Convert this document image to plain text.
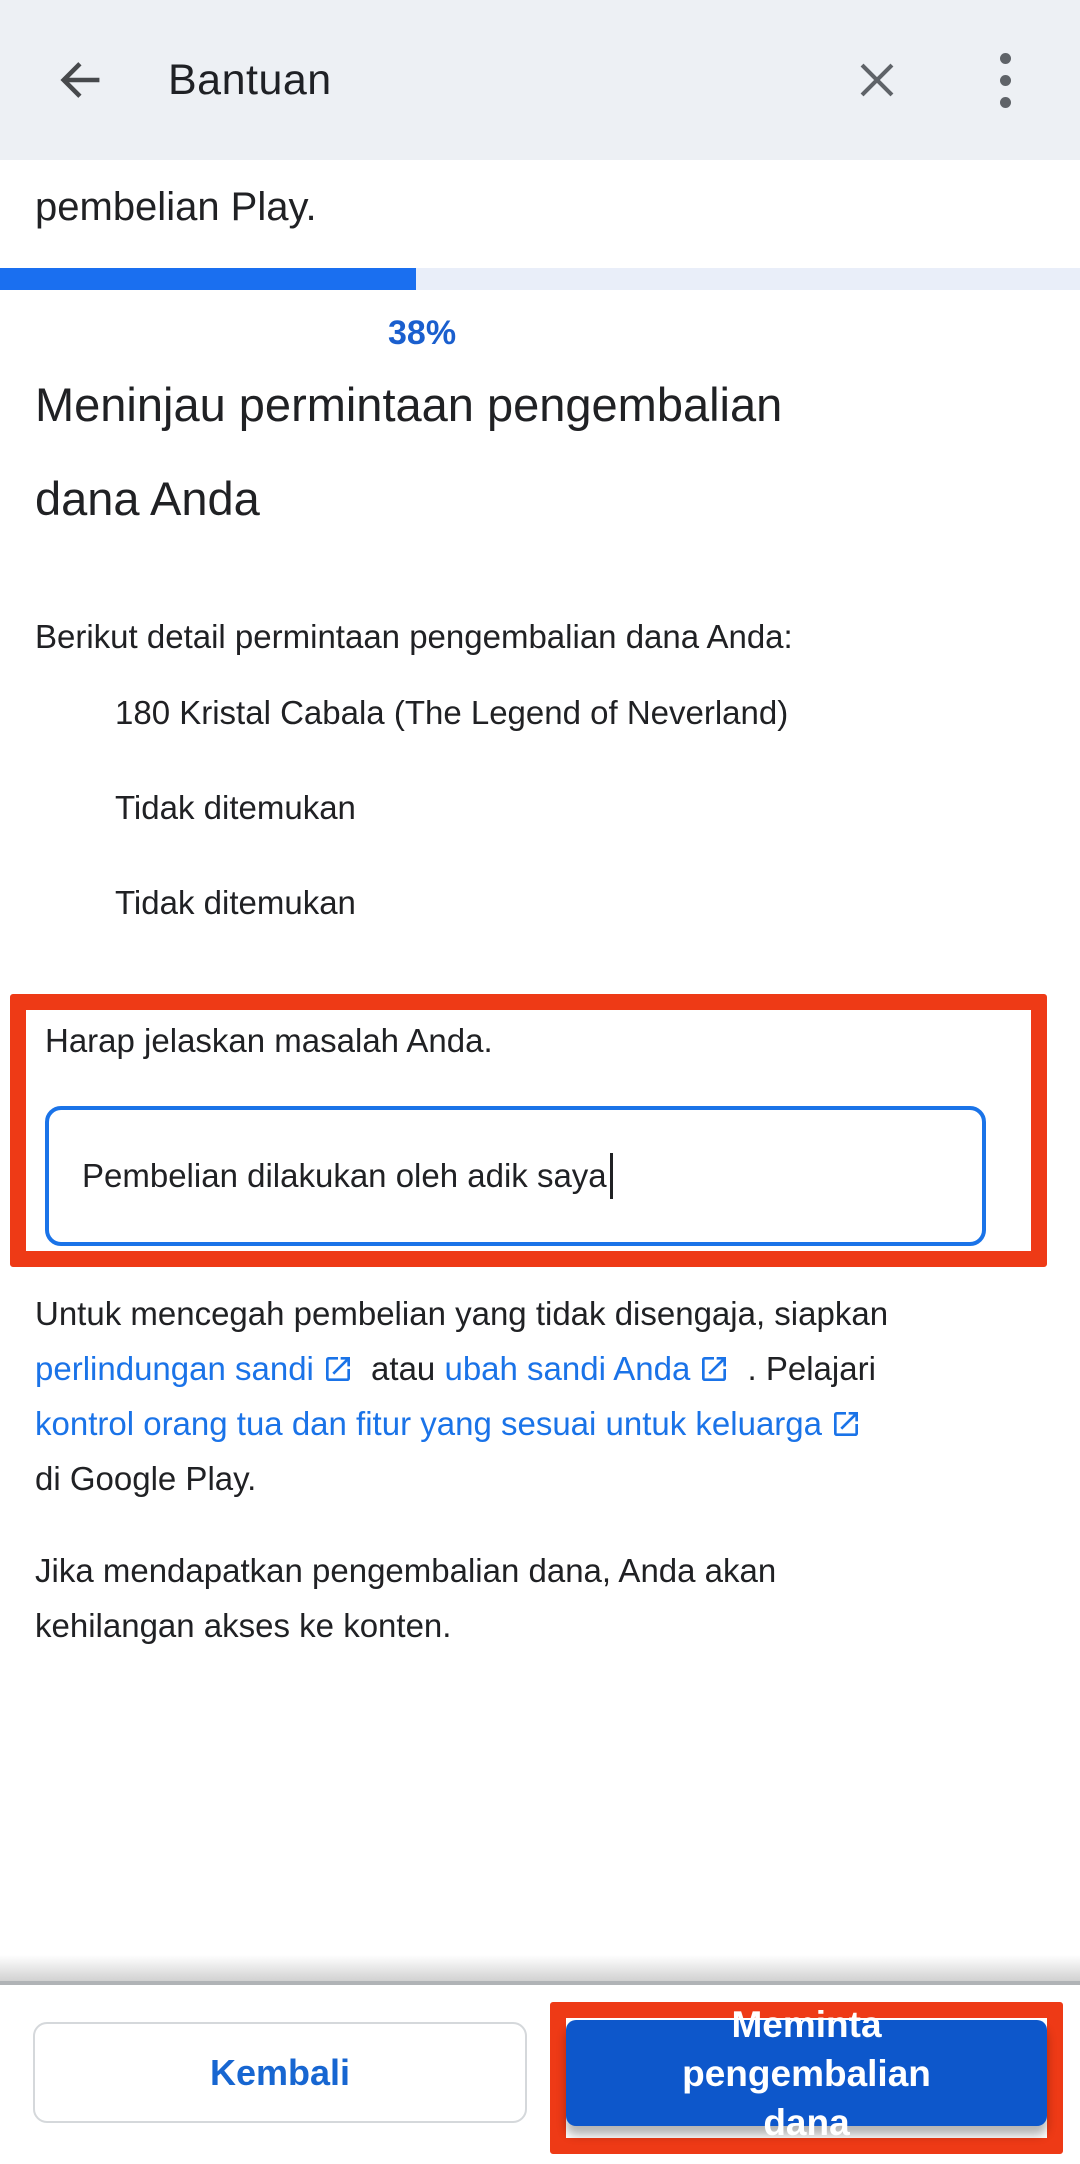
Bantuan
pembelian Play.
38%
Meninjau permintaan pengembalian dana Anda
Berikut detail permintaan pengembalian dana Anda:
180 Kristal Cabala (The Legend of Neverland)
Tidak ditemukan
Tidak ditemukan
Harap jelaskan masalah Anda.
Pembelian dilakukan oleh adik saya
Untuk mencegah pembelian yang tidak disengaja, siapkan perlindungan sandi atau ubah sandi Anda . Pelajari kontrol orang tua dan fitur yang sesuai untuk keluarga di Google Play.
Jika mendapatkan pengembalian dana, Anda akan kehilangan akses ke konten.
Kembali
Meminta pengembalian dana
